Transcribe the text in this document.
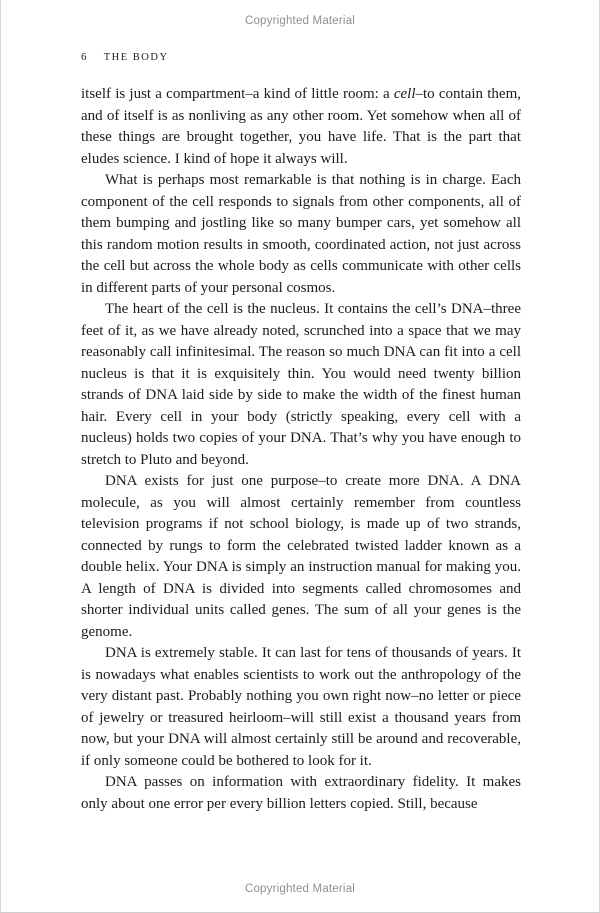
Copyrighted Material
6 THE BODY

itself is just a compartment–a kind of little room: a cell–to contain them, and of itself is as nonliving as any other room. Yet somehow when all of these things are brought together, you have life. That is the part that eludes science. I kind of hope it always will.

What is perhaps most remarkable is that nothing is in charge. Each component of the cell responds to signals from other components, all of them bumping and jostling like so many bumper cars, yet somehow all this random motion results in smooth, coordinated action, not just across the cell but across the whole body as cells communicate with other cells in different parts of your personal cosmos.

The heart of the cell is the nucleus. It contains the cell’s DNA–three feet of it, as we have already noted, scrunched into a space that we may reasonably call infinitesimal. The reason so much DNA can fit into a cell nucleus is that it is exquisitely thin. You would need twenty billion strands of DNA laid side by side to make the width of the finest human hair. Every cell in your body (strictly speaking, every cell with a nucleus) holds two copies of your DNA. That’s why you have enough to stretch to Pluto and beyond.

DNA exists for just one purpose–to create more DNA. A DNA molecule, as you will almost certainly remember from countless television programs if not school biology, is made up of two strands, connected by rungs to form the celebrated twisted ladder known as a double helix. Your DNA is simply an instruction manual for making you. A length of DNA is divided into segments called chromosomes and shorter individual units called genes. The sum of all your genes is the genome.

DNA is extremely stable. It can last for tens of thousands of years. It is nowadays what enables scientists to work out the anthropology of the very distant past. Probably nothing you own right now–no letter or piece of jewelry or treasured heirloom–will still exist a thousand years from now, but your DNA will almost certainly still be around and recoverable, if only someone could be bothered to look for it.

DNA passes on information with extraordinary fidelity. It makes only about one error per every billion letters copied. Still, because

Copyrighted Material
